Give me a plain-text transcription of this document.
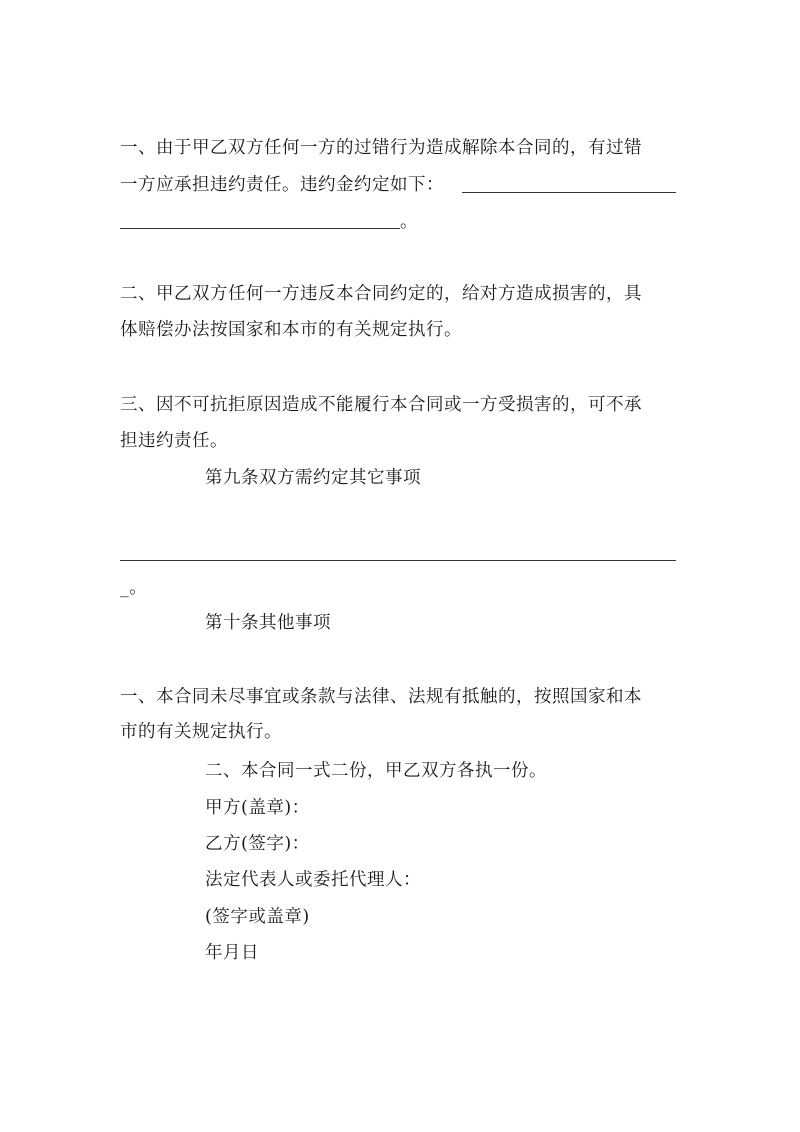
一、由于甲乙双方任何一方的过错行为造成解除本合同的，有过错
一方应承担违约责任。违约金约定如下：
。
二、甲乙双方任何一方违反本合同约定的，给对方造成损害的，具
体赔偿办法按国家和本市的有关规定执行。
三、因不可抗拒原因造成不能履行本合同或一方受损害的，可不承
担违约责任。
第九条双方需约定其它事项
_。
第十条其他事项
一、本合同未尽事宜或条款与法律、法规有抵触的，按照国家和本
市的有关规定执行。
二、本合同一式二份，甲乙双方各执一份。
甲方(盖章)：
乙方(签字)：
法定代表人或委托代理人：
(签字或盖章)
年月日
